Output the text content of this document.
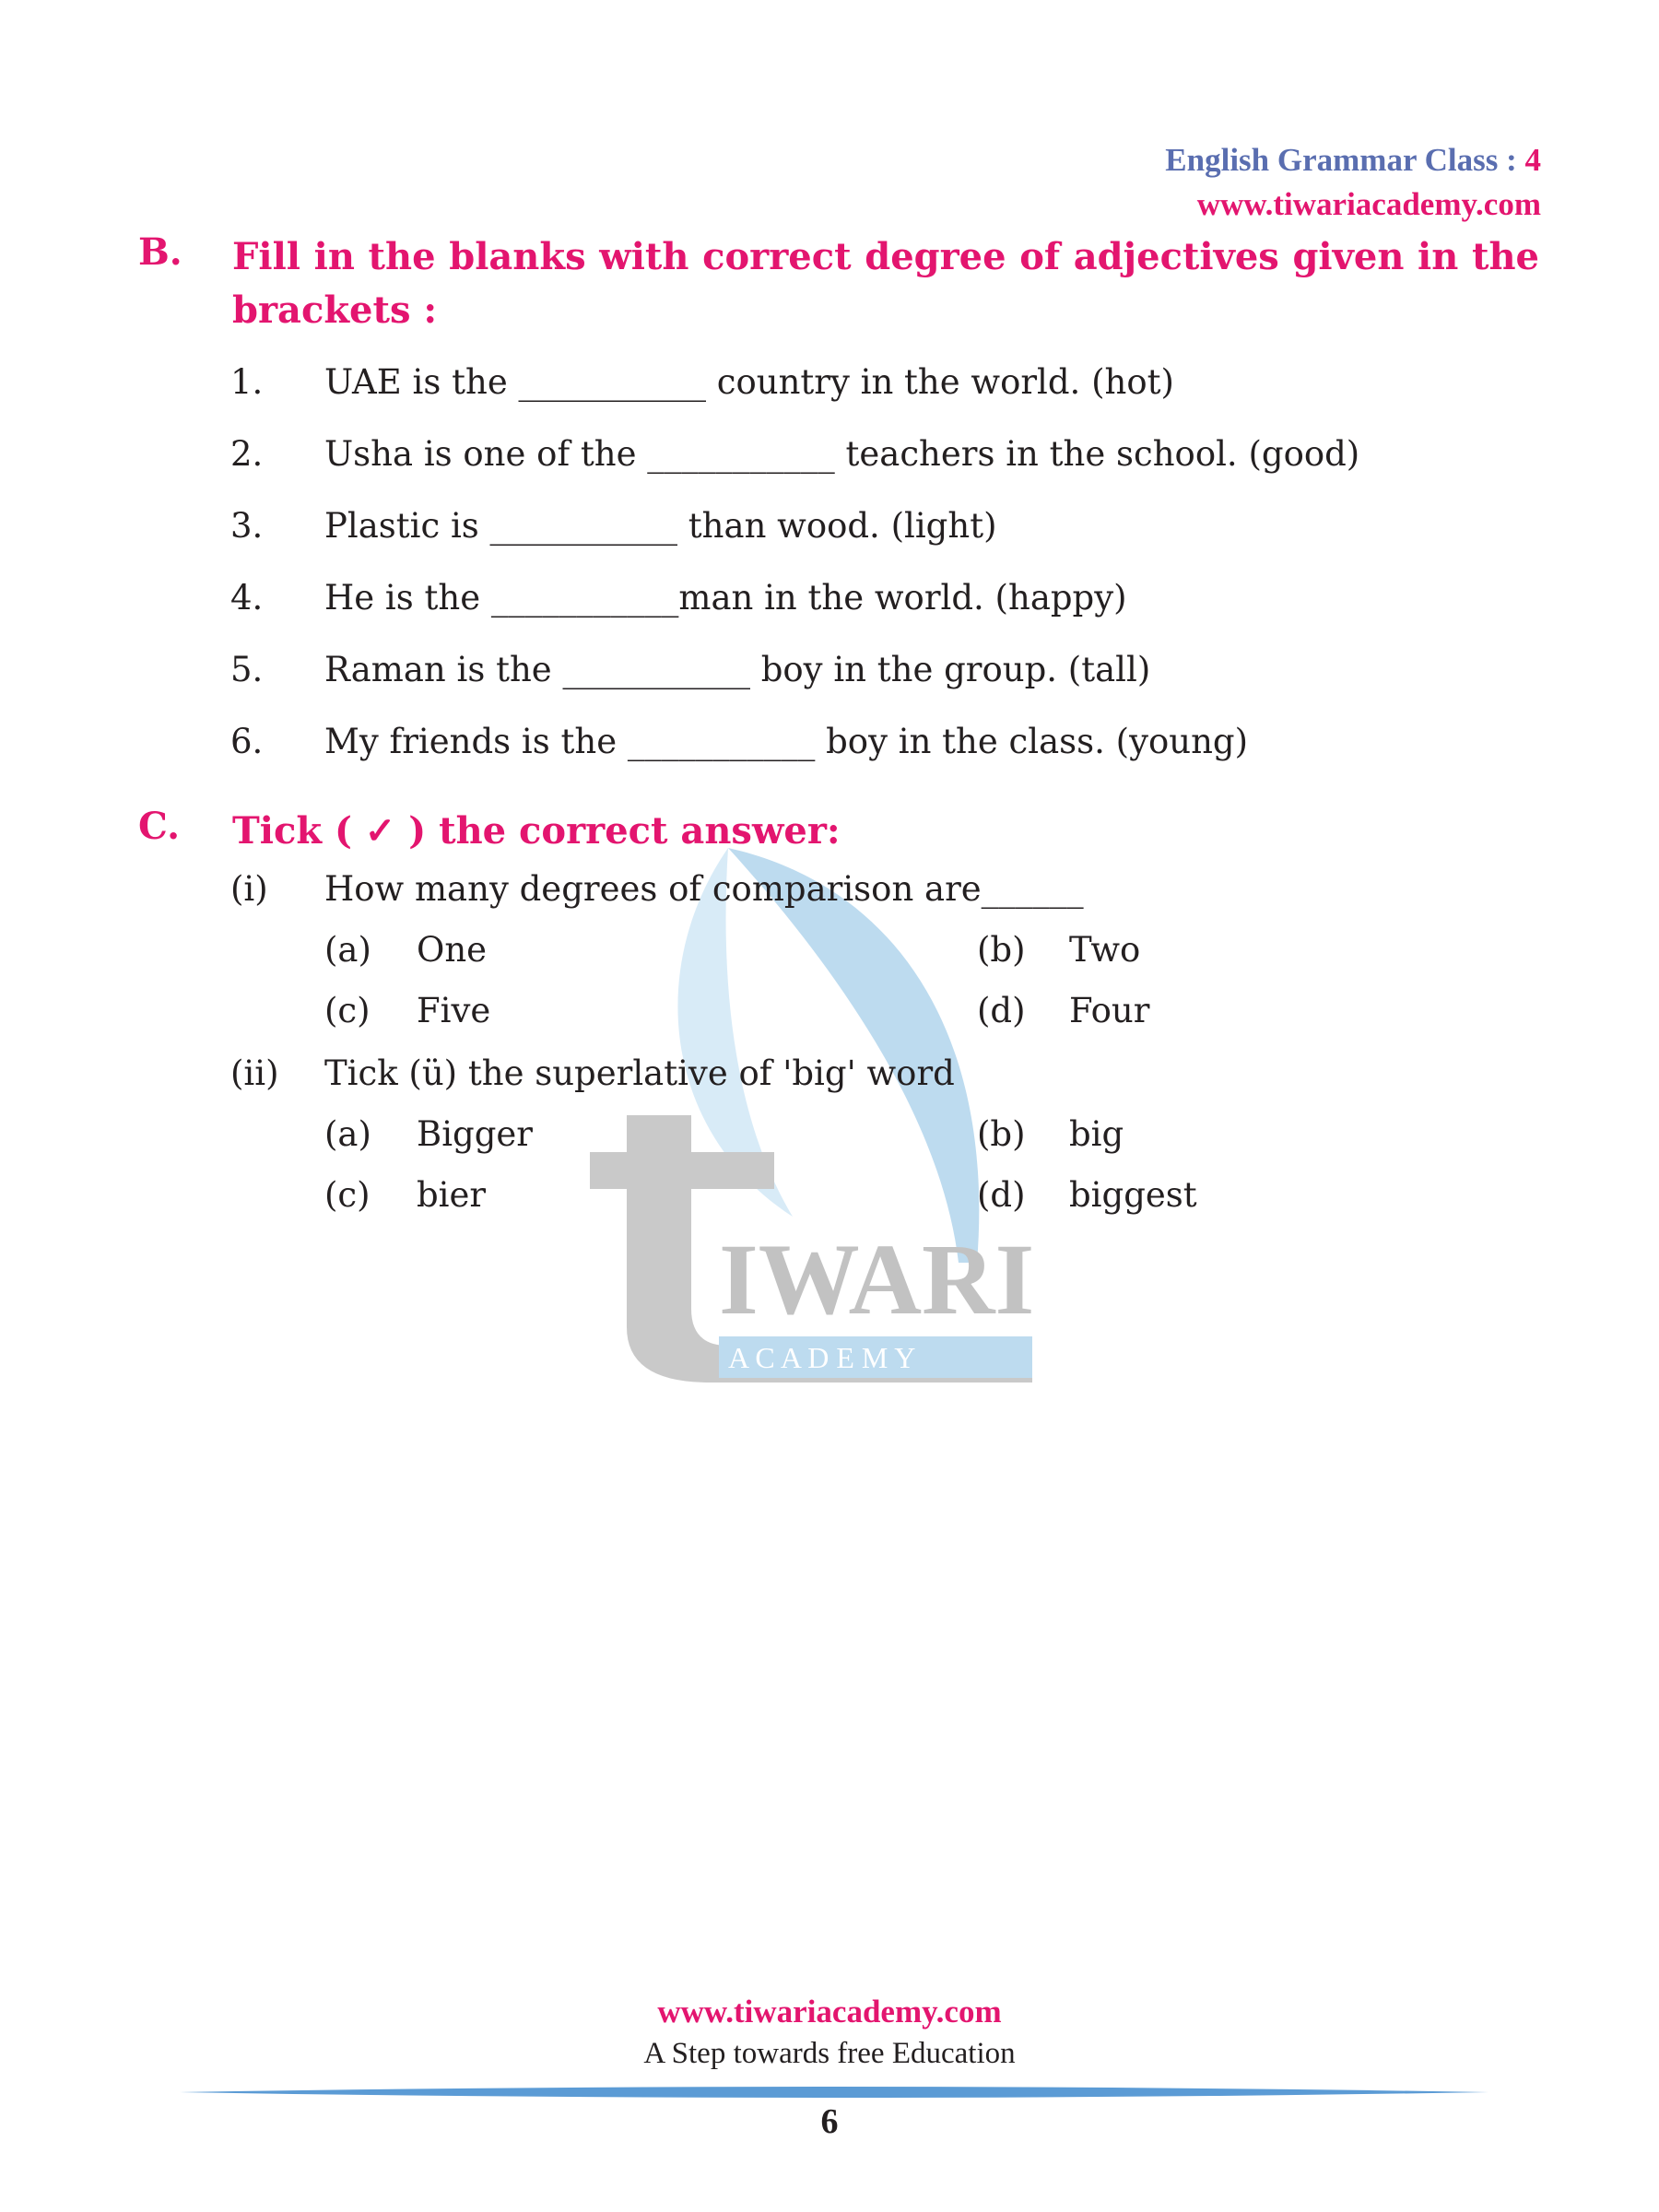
English Grammar Class : 4
www.tiwariacademy.com
IWARI
A C A D E M Y
B. Fill in the blanks with correct degree of adjectives given in the brackets :
1.	UAE is the ___________ country in the world. (hot)
2.	Usha is one of the ___________ teachers in the school. (good)
3.	Plastic is ___________ than wood. (light)
4.	He is the ___________man in the world. (happy)
5.	Raman is the ___________ boy in the group. (tall)
6.	My friends is the ___________ boy in the class. (young)
C. Tick ( ✓ ) the correct answer:
(i) How many degrees of comparison are______
(a) One	(b) Two
(c) Five	(d) Four
(ii) Tick (ü) the superlative of 'big' word
(a) Bigger	(b) big
(c) bier	(d) biggest
www.tiwariacademy.com
A Step towards free Education
6
